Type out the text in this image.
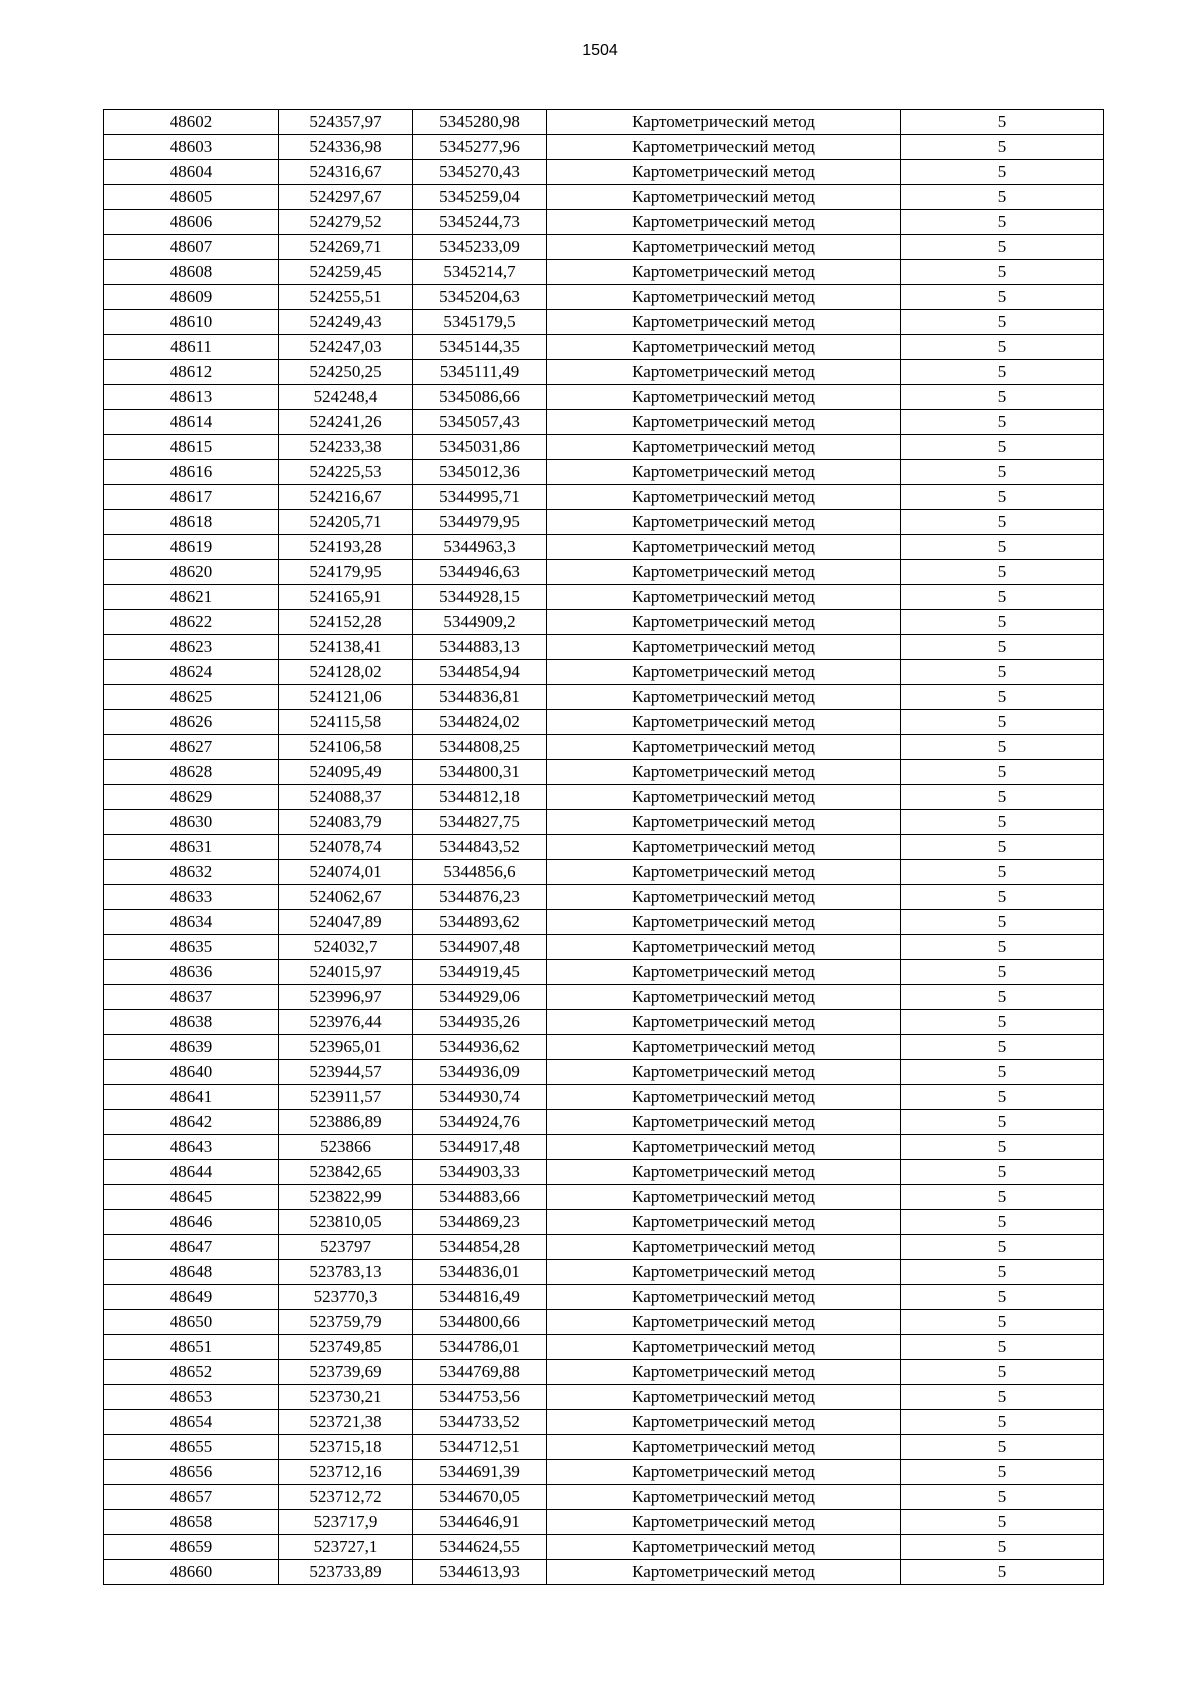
1504
48602	524357,97	5345280,98	Картометрический метод	5
48603	524336,98	5345277,96	Картометрический метод	5
48604	524316,67	5345270,43	Картометрический метод	5
48605	524297,67	5345259,04	Картометрический метод	5
48606	524279,52	5345244,73	Картометрический метод	5
48607	524269,71	5345233,09	Картометрический метод	5
48608	524259,45	5345214,7	Картометрический метод	5
48609	524255,51	5345204,63	Картометрический метод	5
48610	524249,43	5345179,5	Картометрический метод	5
48611	524247,03	5345144,35	Картометрический метод	5
48612	524250,25	5345111,49	Картометрический метод	5
48613	524248,4	5345086,66	Картометрический метод	5
48614	524241,26	5345057,43	Картометрический метод	5
48615	524233,38	5345031,86	Картометрический метод	5
48616	524225,53	5345012,36	Картометрический метод	5
48617	524216,67	5344995,71	Картометрический метод	5
48618	524205,71	5344979,95	Картометрический метод	5
48619	524193,28	5344963,3	Картометрический метод	5
48620	524179,95	5344946,63	Картометрический метод	5
48621	524165,91	5344928,15	Картометрический метод	5
48622	524152,28	5344909,2	Картометрический метод	5
48623	524138,41	5344883,13	Картометрический метод	5
48624	524128,02	5344854,94	Картометрический метод	5
48625	524121,06	5344836,81	Картометрический метод	5
48626	524115,58	5344824,02	Картометрический метод	5
48627	524106,58	5344808,25	Картометрический метод	5
48628	524095,49	5344800,31	Картометрический метод	5
48629	524088,37	5344812,18	Картометрический метод	5
48630	524083,79	5344827,75	Картометрический метод	5
48631	524078,74	5344843,52	Картометрический метод	5
48632	524074,01	5344856,6	Картометрический метод	5
48633	524062,67	5344876,23	Картометрический метод	5
48634	524047,89	5344893,62	Картометрический метод	5
48635	524032,7	5344907,48	Картометрический метод	5
48636	524015,97	5344919,45	Картометрический метод	5
48637	523996,97	5344929,06	Картометрический метод	5
48638	523976,44	5344935,26	Картометрический метод	5
48639	523965,01	5344936,62	Картометрический метод	5
48640	523944,57	5344936,09	Картометрический метод	5
48641	523911,57	5344930,74	Картометрический метод	5
48642	523886,89	5344924,76	Картометрический метод	5
48643	523866	5344917,48	Картометрический метод	5
48644	523842,65	5344903,33	Картометрический метод	5
48645	523822,99	5344883,66	Картометрический метод	5
48646	523810,05	5344869,23	Картометрический метод	5
48647	523797	5344854,28	Картометрический метод	5
48648	523783,13	5344836,01	Картометрический метод	5
48649	523770,3	5344816,49	Картометрический метод	5
48650	523759,79	5344800,66	Картометрический метод	5
48651	523749,85	5344786,01	Картометрический метод	5
48652	523739,69	5344769,88	Картометрический метод	5
48653	523730,21	5344753,56	Картометрический метод	5
48654	523721,38	5344733,52	Картометрический метод	5
48655	523715,18	5344712,51	Картометрический метод	5
48656	523712,16	5344691,39	Картометрический метод	5
48657	523712,72	5344670,05	Картометрический метод	5
48658	523717,9	5344646,91	Картометрический метод	5
48659	523727,1	5344624,55	Картометрический метод	5
48660	523733,89	5344613,93	Картометрический метод	5
